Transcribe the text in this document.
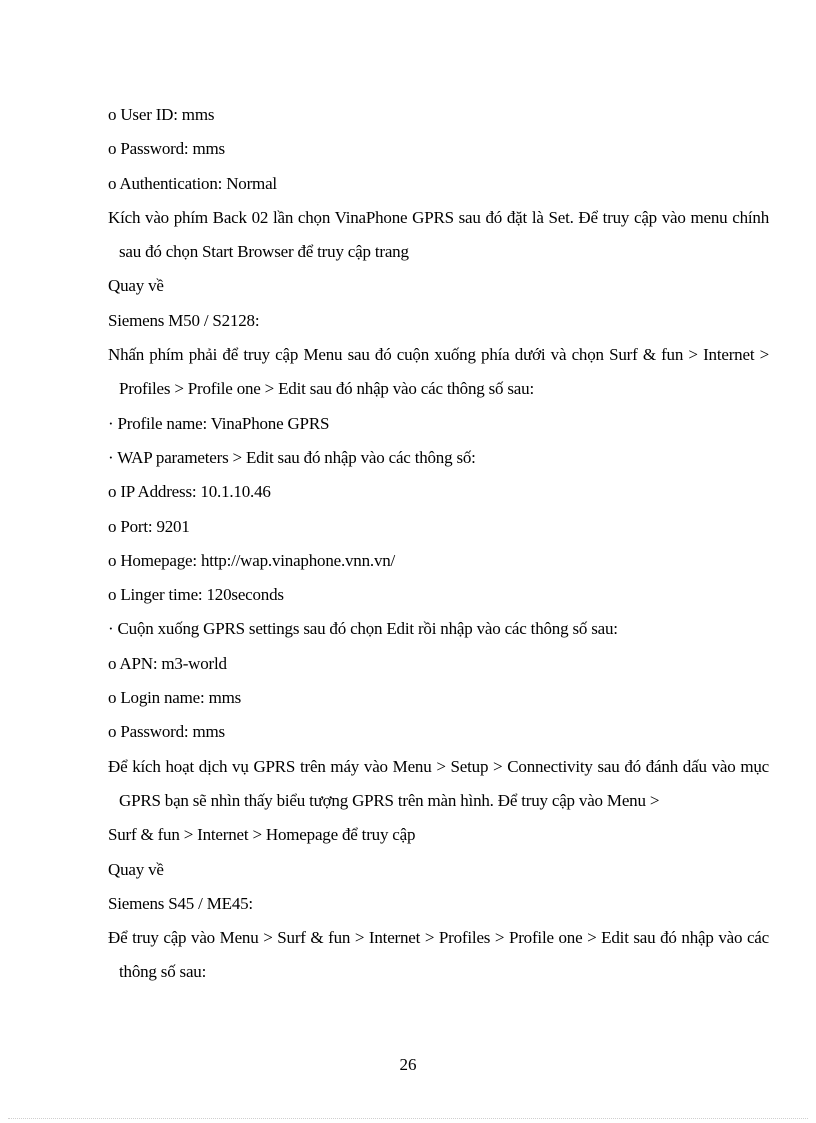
o User ID: mms
o Password: mms
o Authentication: Normal
Kích vào phím Back 02 lần chọn VinaPhone GPRS sau đó đặt là Set. Để truy cập vào menu chính sau đó chọn Start Browser để truy cập trang
Quay về
Siemens M50 / S2128:
Nhấn phím phải để truy cập Menu sau đó cuộn xuống phía dưới và chọn Surf & fun > Internet > Profiles > Profile one > Edit sau đó nhập vào các thông số sau:
· Profile name: VinaPhone GPRS
· WAP parameters > Edit sau đó nhập vào các thông số:
o IP Address: 10.1.10.46
o Port: 9201
o Homepage: http://wap.vinaphone.vnn.vn/
o Linger time: 120seconds
· Cuộn xuống GPRS settings sau đó chọn Edit rồi nhập vào các thông số sau:
o APN: m3-world
o Login name: mms
o Password: mms
Để kích hoạt dịch vụ GPRS trên máy vào Menu > Setup > Connectivity sau đó đánh dấu vào mục GPRS bạn sẽ nhìn thấy biểu tượng GPRS trên màn hình. Để truy cập vào Menu >
Surf & fun > Internet > Homepage để truy cập
Quay về
Siemens S45 / ME45:
Để truy cập vào Menu > Surf & fun > Internet > Profiles > Profile one > Edit sau đó nhập vào các thông số sau:
26
